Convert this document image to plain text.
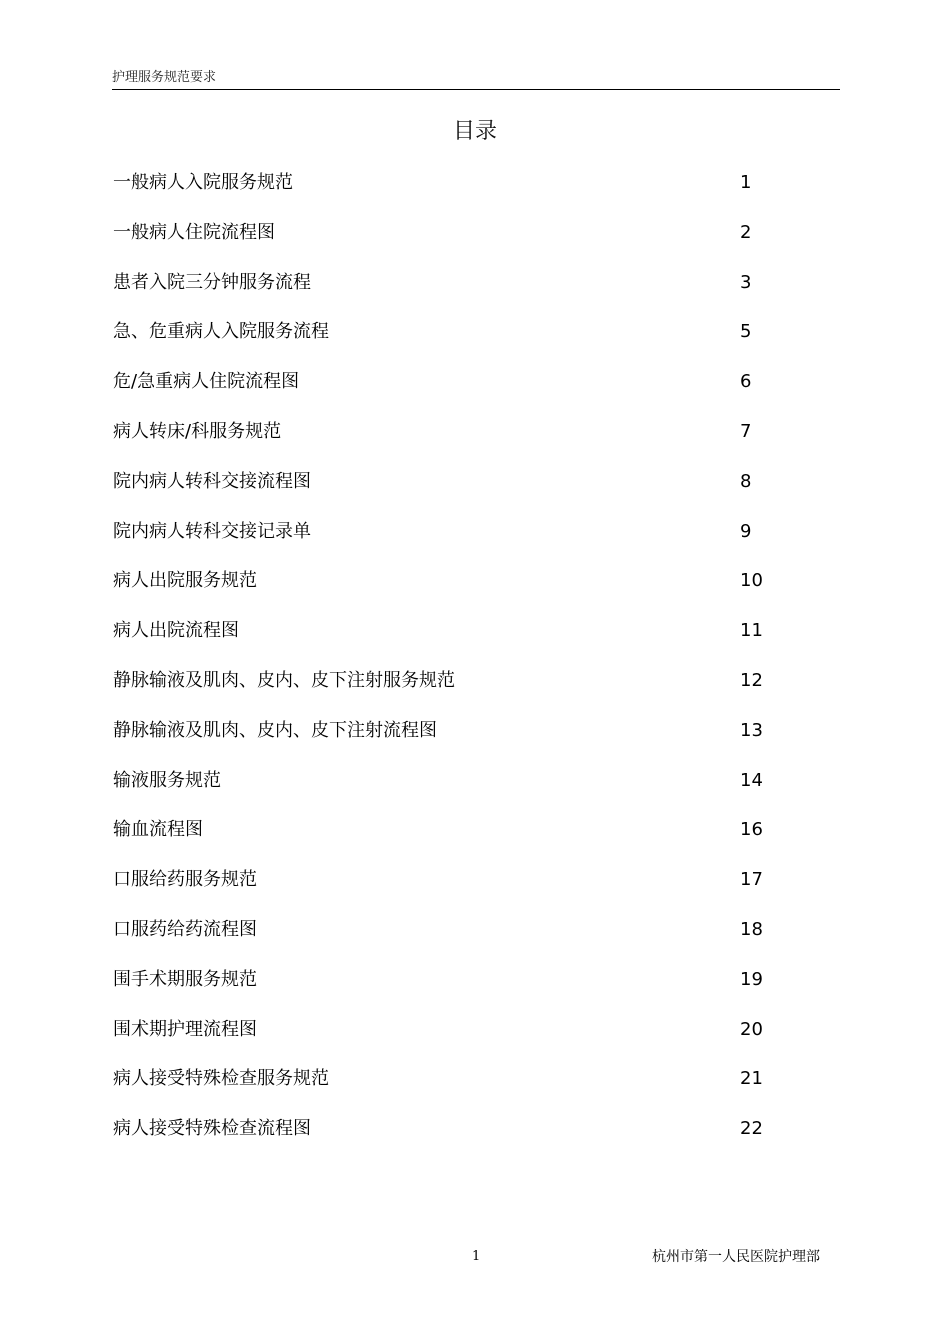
护理服务规范要求
目录
一般病人入院服务规范	1
一般病人住院流程图	2
患者入院三分钟服务流程	3
急、危重病人入院服务流程	5
危/急重病人住院流程图	6
病人转床/科服务规范	7
院内病人转科交接流程图	8
院内病人转科交接记录单	9
病人出院服务规范	10
病人出院流程图	11
静脉输液及肌肉、皮内、皮下注射服务规范	12
静脉输液及肌肉、皮内、皮下注射流程图	13
输液服务规范	14
输血流程图	16
口服给药服务规范	17
口服药给药流程图	18
围手术期服务规范	19
围术期护理流程图	20
病人接受特殊检查服务规范	21
病人接受特殊检查流程图	22
1	杭州市第一人民医院护理部
